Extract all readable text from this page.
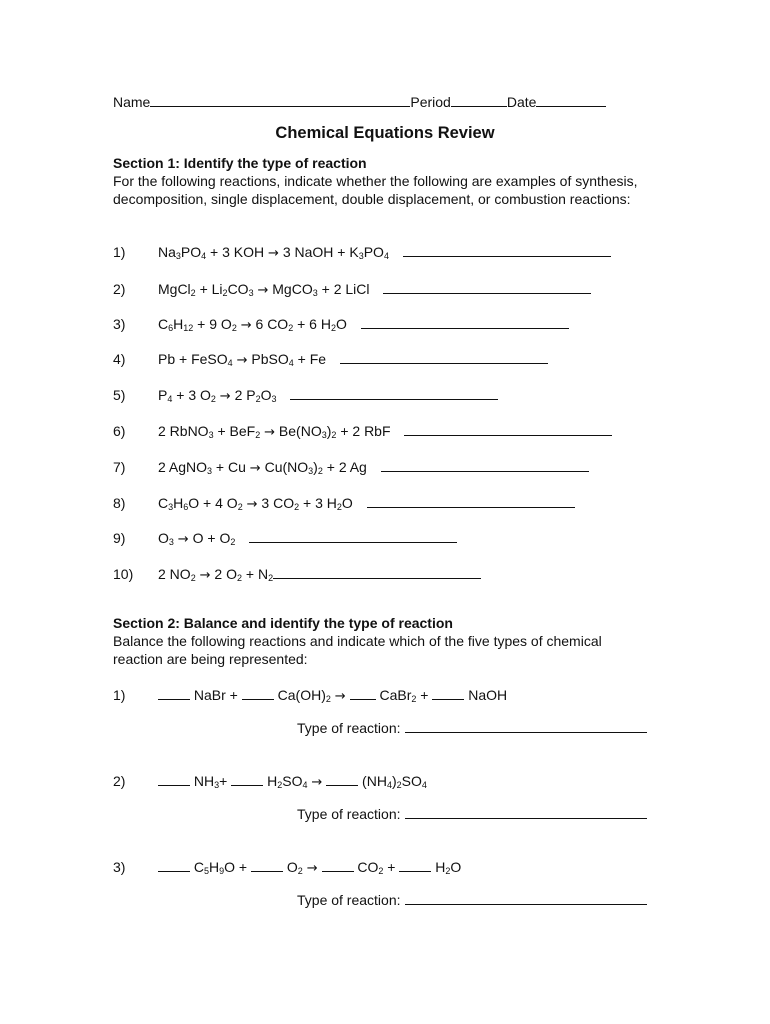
Name	Period	Date
Chemical Equations Review
Section 1: Identify the type of reaction
For the following reactions, indicate whether the following are examples of synthesis, decomposition, single displacement, double displacement, or combustion reactions:
1) $Na_3PO_4 + 3$ KOH → 3 NaOH + $K_3PO_4$
2) MgCl$_2$ + $Li_2CO_3$ → MgCO$_3$ + 2 LiCl
3) $C_6H_{12} + 9$ $O_2 \to 6$ $CO_2 + 6$ $H_2O$
4) Pb + FeSO$_4$ → PbSO$_4$ + Fe
5) $P_4 + 3$ $O_2 \to 2$ $P_2O_3$
6) 2 RbNO$_3$ + $BeF_2 \to Be(NO_3)_2 + 2$ RbF
7) 2 AgNO$_3$ + $Cu \to Cu(NO_3)_2 + 2$ Ag
8) $C_3H_6O + 4$ $O_2 \to 3$ $CO_2 + 3$ $H_2O$
9) $O_3 \to O + O_2$
10) 2 $NO_2 \to 2$ $O_2 + N_2$
Section 2: Balance and identify the type of reaction
Balance the following reactions and indicate which of the five types of chemical reaction are being represented:
1)	NaBr +  $Ca(OH)_2$ →  CaBr$_2$ +  NaOH
Type of reaction:
2)	$NH_3+ H_2SO_4$ →	$(NH_4)_2SO_4$
Type of reaction:
3)	$C_5H_9O + O_2$ →	$CO_2 + H_2O$
Type of reaction:
